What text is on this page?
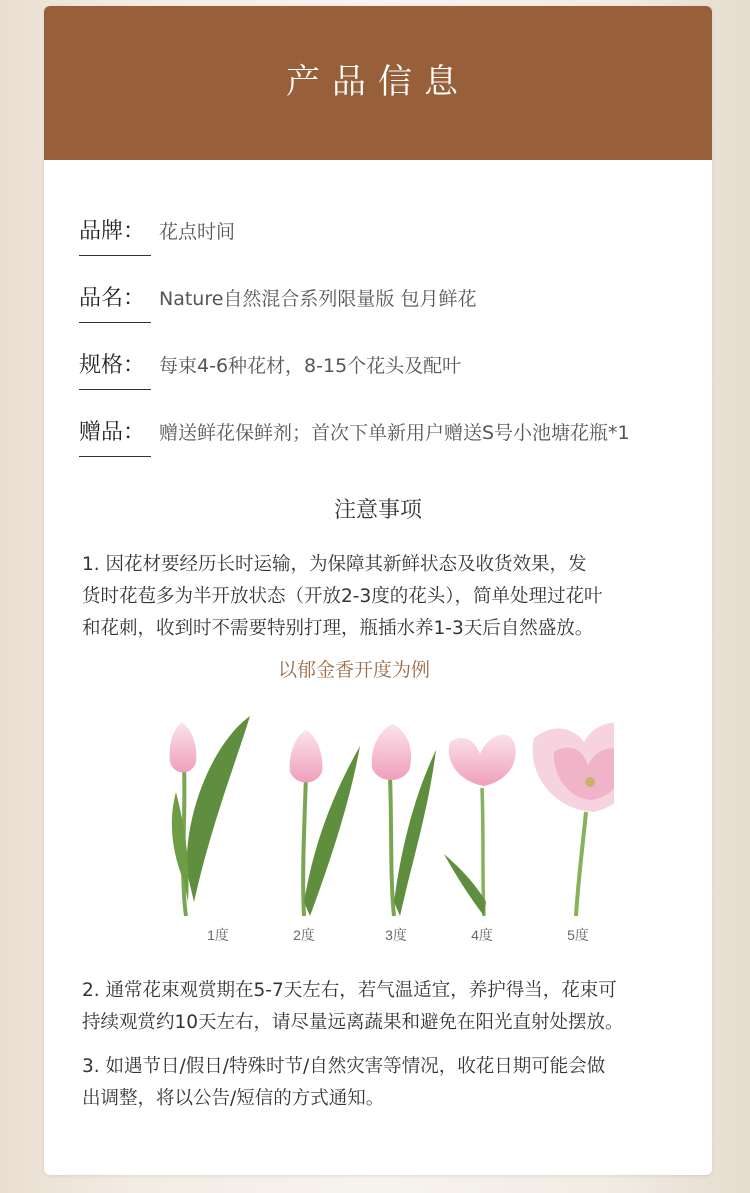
产品信息
品牌： 花点时间
品名： Nature自然混合系列限量版 包月鲜花
规格： 每束4-6种花材，8-15个花头及配叶
赠品： 赠送鲜花保鲜剂；首次下单新用户赠送S号小池塘花瓶*1
注意事项
1. 因花材要经历长时运输，为保障其新鲜状态及收货效果，发
货时花苞多为半开放状态（开放2-3度的花头），简单处理过花叶
和花刺，收到时不需要特别打理，瓶插水养1-3天后自然盛放。
以郁金香开度为例
1度	2度	3度	4度	5度
2. 通常花束观赏期在5-7天左右，若气温适宜，养护得当，花束可
持续观赏约10天左右，请尽量远离蔬果和避免在阳光直射处摆放。
3. 如遇节日/假日/特殊时节/自然灾害等情况，收花日期可能会做
出调整，将以公告/短信的方式通知。
